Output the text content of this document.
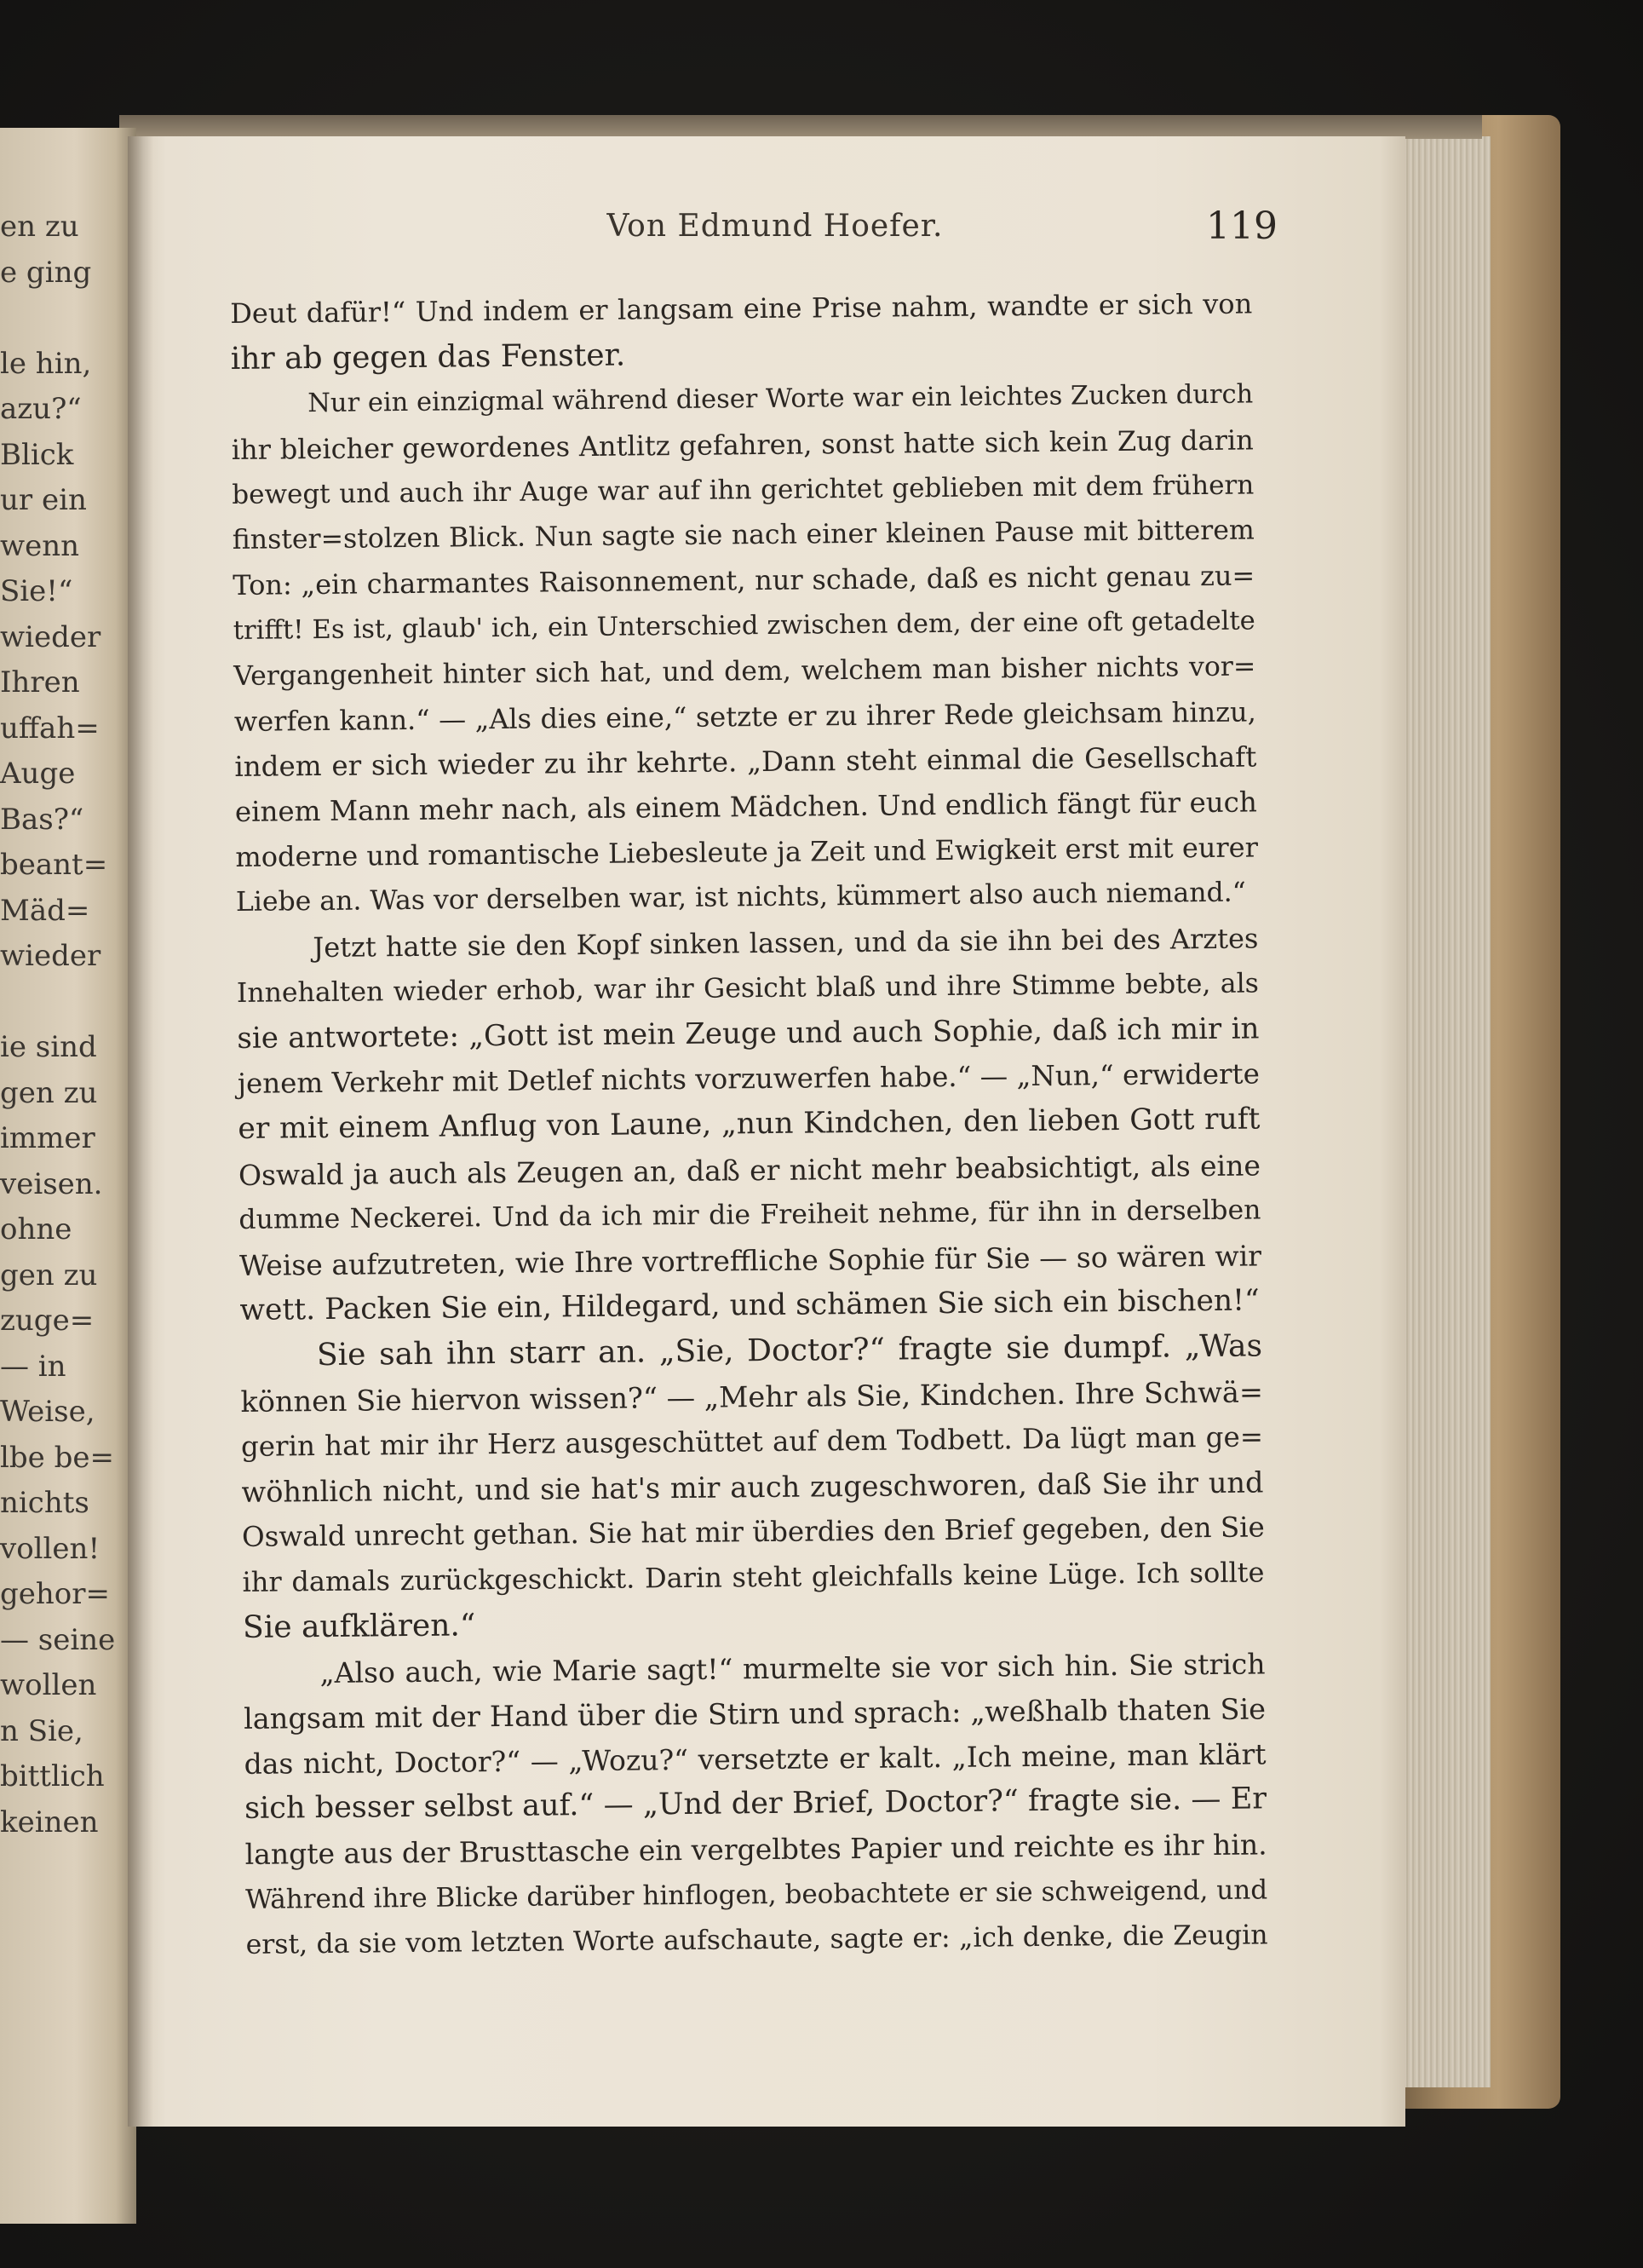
en zu
e ging
le hin,
azu?“
Blick
ur ein
wenn
Sie!“
wieder
Ihren
uffah=
Auge
Bas?“
beant=
Mäd=
wieder
ie sind
gen zu
immer
veisen.
ohne
gen zu
zuge=
— in
Weise,
lbe be=
nichts
vollen!
gehor=
— seine
wollen
n Sie,
bittlich
keinen
Von Edmund Hoefer.	119
Deut dafür!“ Und indem er langsam eine Prise nahm, wandte er sich von
ihr ab gegen das Fenster.
Nur ein einzigmal während dieser Worte war ein leichtes Zucken durch
ihr bleicher gewordenes Antlitz gefahren, sonst hatte sich kein Zug darin
bewegt und auch ihr Auge war auf ihn gerichtet geblieben mit dem frühern
finster=stolzen Blick. Nun sagte sie nach einer kleinen Pause mit bitterem
Ton: „ein charmantes Raisonnement, nur schade, daß es nicht genau zu=
trifft! Es ist, glaub' ich, ein Unterschied zwischen dem, der eine oft getadelte
Vergangenheit hinter sich hat, und dem, welchem man bisher nichts vor=
werfen kann.“ — „Als dies eine,“ setzte er zu ihrer Rede gleichsam hinzu,
indem er sich wieder zu ihr kehrte. „Dann steht einmal die Gesellschaft
einem Mann mehr nach, als einem Mädchen. Und endlich fängt für euch
moderne und romantische Liebesleute ja Zeit und Ewigkeit erst mit eurer
Liebe an. Was vor derselben war, ist nichts, kümmert also auch niemand.“
Jetzt hatte sie den Kopf sinken lassen, und da sie ihn bei des Arztes
Innehalten wieder erhob, war ihr Gesicht blaß und ihre Stimme bebte, als
sie antwortete: „Gott ist mein Zeuge und auch Sophie, daß ich mir in
jenem Verkehr mit Detlef nichts vorzuwerfen habe.“ — „Nun,“ erwiderte
er mit einem Anflug von Laune, „nun Kindchen, den lieben Gott ruft
Oswald ja auch als Zeugen an, daß er nicht mehr beabsichtigt, als eine
dumme Neckerei. Und da ich mir die Freiheit nehme, für ihn in derselben
Weise aufzutreten, wie Ihre vortreffliche Sophie für Sie — so wären wir
wett. Packen Sie ein, Hildegard, und schämen Sie sich ein bischen!“
Sie sah ihn starr an. „Sie, Doctor?“ fragte sie dumpf. „Was
können Sie hiervon wissen?“ — „Mehr als Sie, Kindchen. Ihre Schwä=
gerin hat mir ihr Herz ausgeschüttet auf dem Todbett. Da lügt man ge=
wöhnlich nicht, und sie hat's mir auch zugeschworen, daß Sie ihr und
Oswald unrecht gethan. Sie hat mir überdies den Brief gegeben, den Sie
ihr damals zurückgeschickt. Darin steht gleichfalls keine Lüge. Ich sollte
Sie aufklären.“
„Also auch, wie Marie sagt!“ murmelte sie vor sich hin. Sie strich
langsam mit der Hand über die Stirn und sprach: „weßhalb thaten Sie
das nicht, Doctor?“ — „Wozu?“ versetzte er kalt. „Ich meine, man klärt
sich besser selbst auf.“ — „Und der Brief, Doctor?“ fragte sie. — Er
langte aus der Brusttasche ein vergelbtes Papier und reichte es ihr hin.
Während ihre Blicke darüber hinflogen, beobachtete er sie schweigend, und
erst, da sie vom letzten Worte aufschaute, sagte er: „ich denke, die Zeugin
